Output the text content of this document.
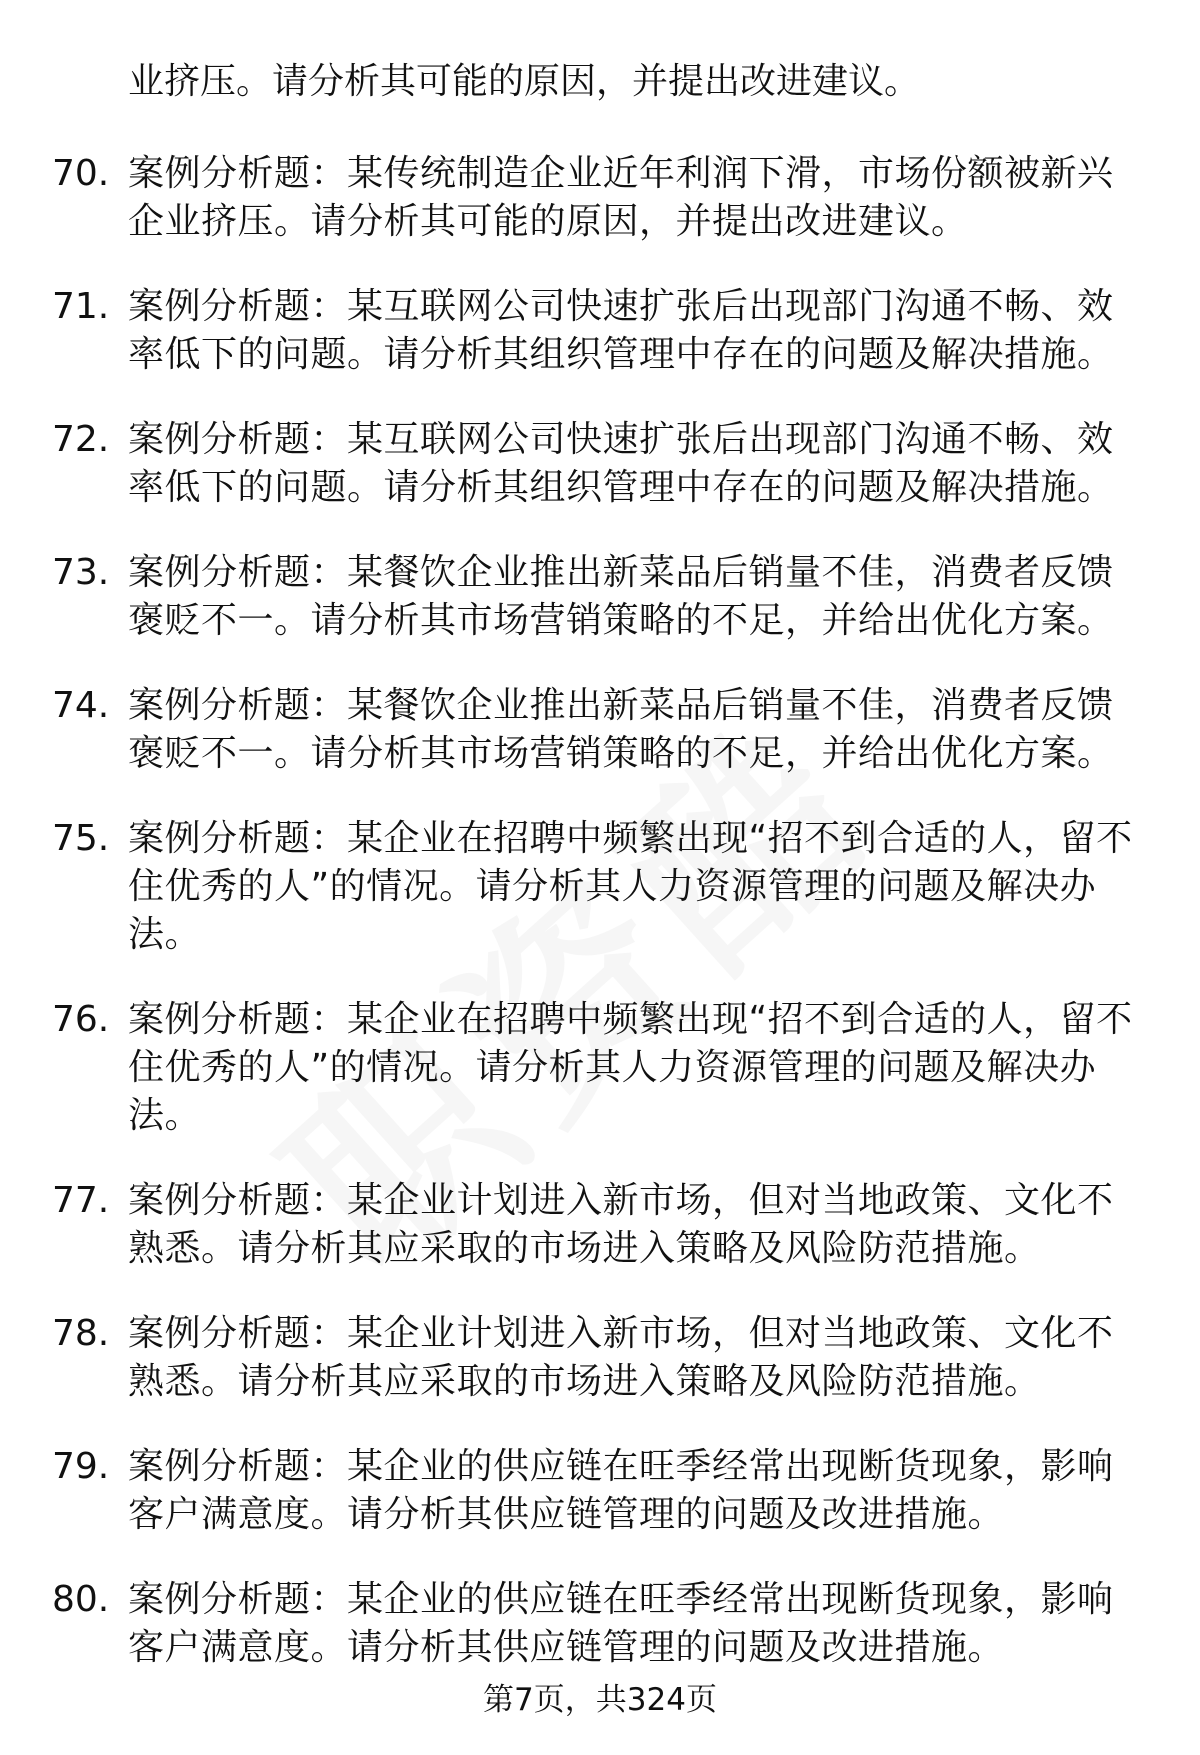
业挤压。请分析其可能的原因，并提出改进建议。
70. 案例分析题：某传统制造企业近年利润下滑，市场份额被新兴企业挤压。请分析其可能的原因，并提出改进建议。
71. 案例分析题：某互联网公司快速扩张后出现部门沟通不畅、效率低下的问题。请分析其组织管理中存在的问题及解决措施。
72. 案例分析题：某互联网公司快速扩张后出现部门沟通不畅、效率低下的问题。请分析其组织管理中存在的问题及解决措施。
73. 案例分析题：某餐饮企业推出新菜品后销量不佳，消费者反馈褒贬不一。请分析其市场营销策略的不足，并给出优化方案。
74. 案例分析题：某餐饮企业推出新菜品后销量不佳，消费者反馈褒贬不一。请分析其市场营销策略的不足，并给出优化方案。
75. 案例分析题：某企业在招聘中频繁出现“招不到合适的人，留不住优秀的人”的情况。请分析其人力资源管理的问题及解决办法。
76. 案例分析题：某企业在招聘中频繁出现“招不到合适的人，留不住优秀的人”的情况。请分析其人力资源管理的问题及解决办法。
77. 案例分析题：某企业计划进入新市场，但对当地政策、文化不熟悉。请分析其应采取的市场进入策略及风险防范措施。
78. 案例分析题：某企业计划进入新市场，但对当地政策、文化不熟悉。请分析其应采取的市场进入策略及风险防范措施。
79. 案例分析题：某企业的供应链在旺季经常出现断货现象，影响客户满意度。请分析其供应链管理的问题及改进措施。
80. 案例分析题：某企业的供应链在旺季经常出现断货现象，影响客户满意度。请分析其供应链管理的问题及改进措施。
第7页，共324页
